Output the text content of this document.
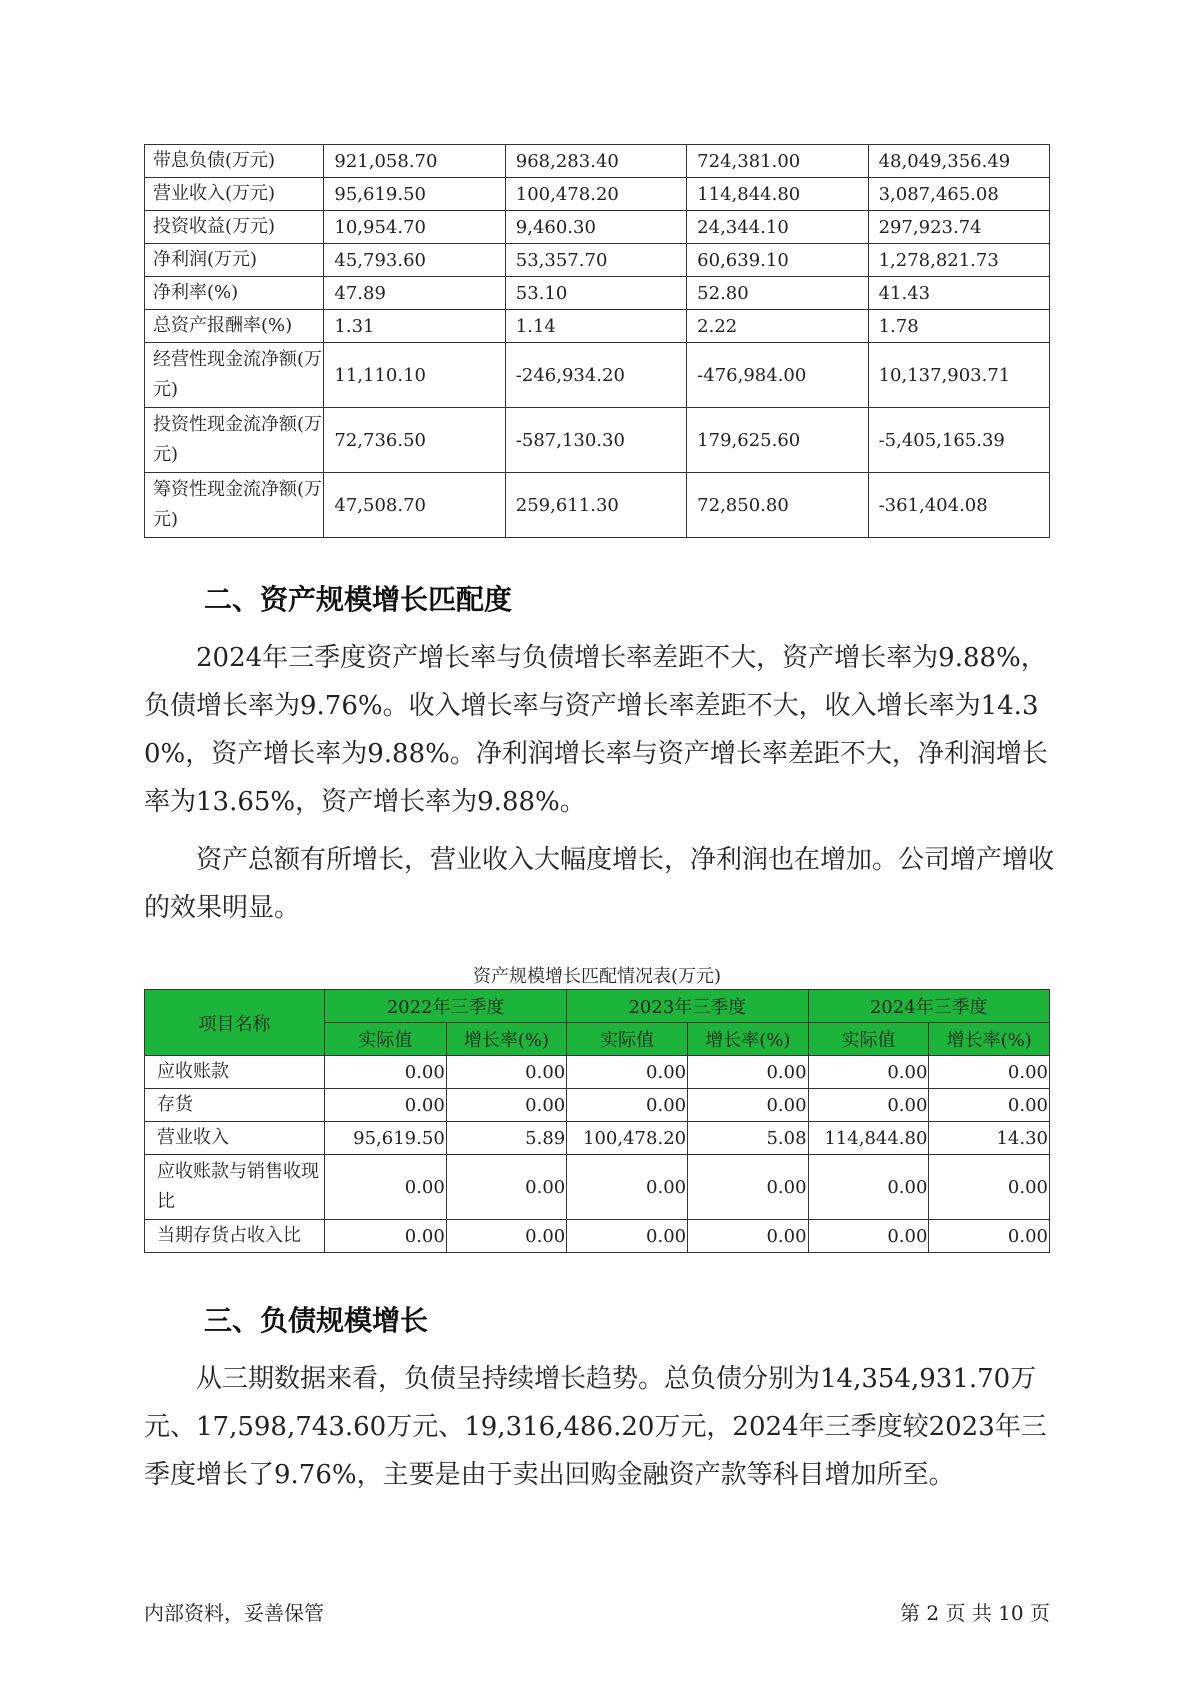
带息负债(万元)	921,058.70	968,283.40	724,381.00	48,049,356.49
营业收入(万元)	95,619.50	100,478.20	114,844.80	3,087,465.08
投资收益(万元)	10,954.70	9,460.30	24,344.10	297,923.74
净利润(万元)	45,793.60	53,357.70	60,639.10	1,278,821.73
净利率(%)	47.89	53.10	52.80	41.43
总资产报酬率(%)	1.31	1.14	2.22	1.78
经营性现金流净额(万元)	11,110.10	-246,934.20	-476,984.00	10,137,903.71
投资性现金流净额(万元)	72,736.50	-587,130.30	179,625.60	-5,405,165.39
筹资性现金流净额(万元)	47,508.70	259,611.30	72,850.80	-361,404.08
二、资产规模增长匹配度

2024年三季度资产增长率与负债增长率差距不大，资产增长率为9.88%，负债增长率为9.76%。收入增长率与资产增长率差距不大，收入增长率为14.30%，资产增长率为9.88%。净利润增长率与资产增长率差距不大，净利润增长率为13.65%，资产增长率为9.88%。

资产总额有所增长，营业收入大幅度增长，净利润也在增加。公司增产增收的效果明显。

资产规模增长匹配情况表(万元)
项目名称	2022年三季度		2023年三季度		2024年三季度	
	实际值	增长率(%)	实际值	增长率(%)	实际值	增长率(%)
应收账款	0.00	0.00	0.00	0.00	0.00	0.00
存货	0.00	0.00	0.00	0.00	0.00	0.00
营业收入	95,619.50	5.89	100,478.20	5.08	114,844.80	14.30
应收账款与销售收现比	0.00	0.00	0.00	0.00	0.00	0.00
当期存货占收入比	0.00	0.00	0.00	0.00	0.00	0.00
三、负债规模增长

从三期数据来看，负债呈持续增长趋势。总负债分别为14,354,931.70万元、17,598,743.60万元、19,316,486.20万元，2024年三季度较2023年三季度增长了9.76%，主要是由于卖出回购金融资产款等科目增加所至。

内部资料，妥善保管	第 2 页 共 10 页
